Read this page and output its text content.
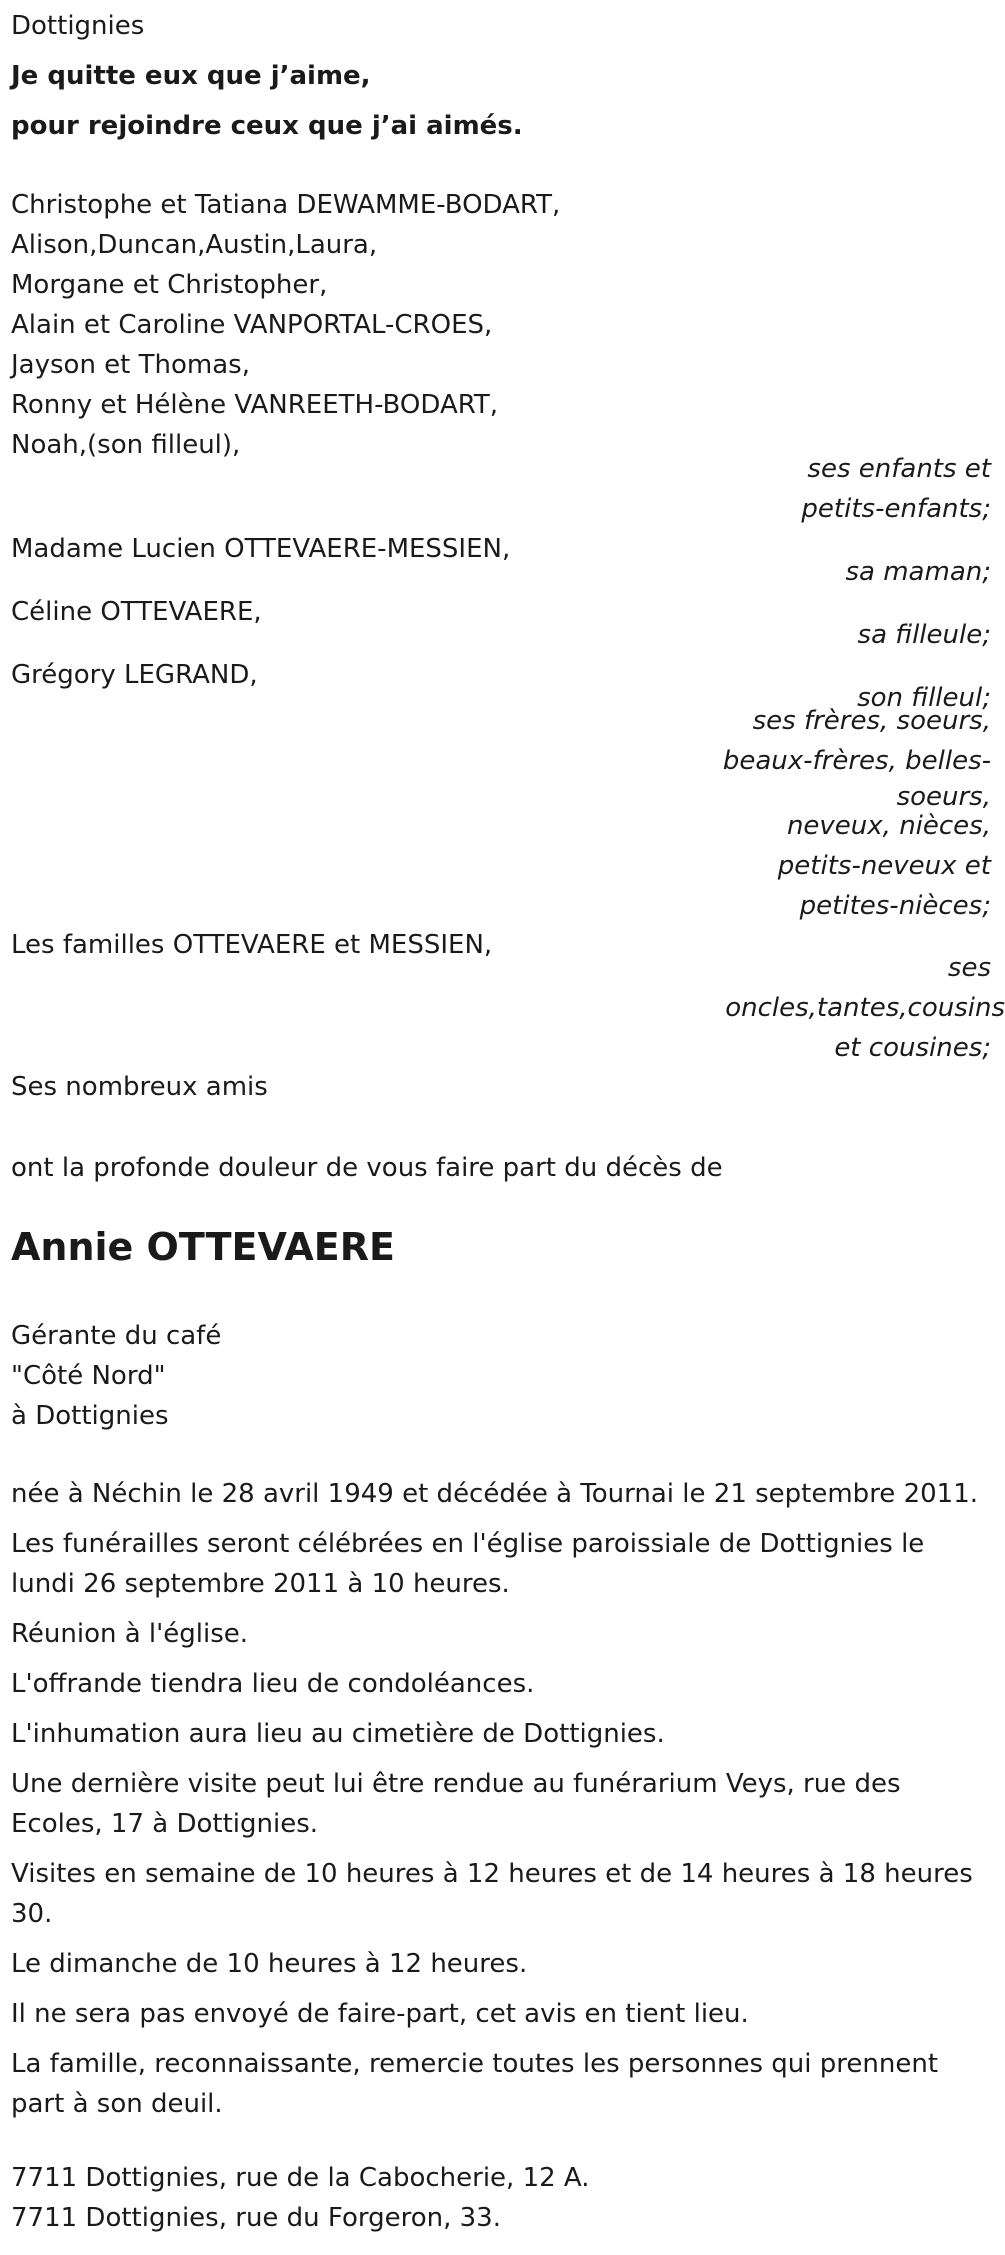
Dottignies
Je quitte eux que j’aime,
pour rejoindre ceux que j’ai aimés.
Christophe et Tatiana DEWAMME-BODART,
Alison,Duncan,Austin,Laura,
Morgane et Christopher,
Alain et Caroline VANPORTAL-CROES,
Jayson et Thomas,
Ronny et Hélène VANREETH-BODART,
Noah,(son filleul),
ses enfants et
petits-enfants;
Madame Lucien OTTEVAERE-MESSIEN,
sa maman;
Céline OTTEVAERE,
sa filleule;
Grégory LEGRAND,
son filleul;
ses frères, soeurs,
beaux-frères, belles-
soeurs,
neveux, nièces,
petits-neveux et
petites-nièces;
Les familles OTTEVAERE et MESSIEN,
ses
oncles,tantes,cousins
et cousines;
Ses nombreux amis
ont la profonde douleur de vous faire part du décès de
Annie OTTEVAERE
Gérante du café
"Côté Nord"
à Dottignies
née à Néchin le 28 avril 1949 et décédée à Tournai le 21 septembre 2011.
Les funérailles seront célébrées en l'église paroissiale de Dottignies le lundi 26 septembre 2011 à 10 heures.
Réunion à l'église.
L'offrande tiendra lieu de condoléances.
L'inhumation aura lieu au cimetière de Dottignies.
Une dernière visite peut lui être rendue au funérarium Veys, rue des Ecoles, 17 à Dottignies.
Visites en semaine de 10 heures à 12 heures et de 14 heures à 18 heures 30.
Le dimanche de 10 heures à 12 heures.
Il ne sera pas envoyé de faire-part, cet avis en tient lieu.
La famille, reconnaissante, remercie toutes les personnes qui prennent part à son deuil.
7711 Dottignies, rue de la Cabocherie, 12 A.
7711 Dottignies, rue du Forgeron, 33.
